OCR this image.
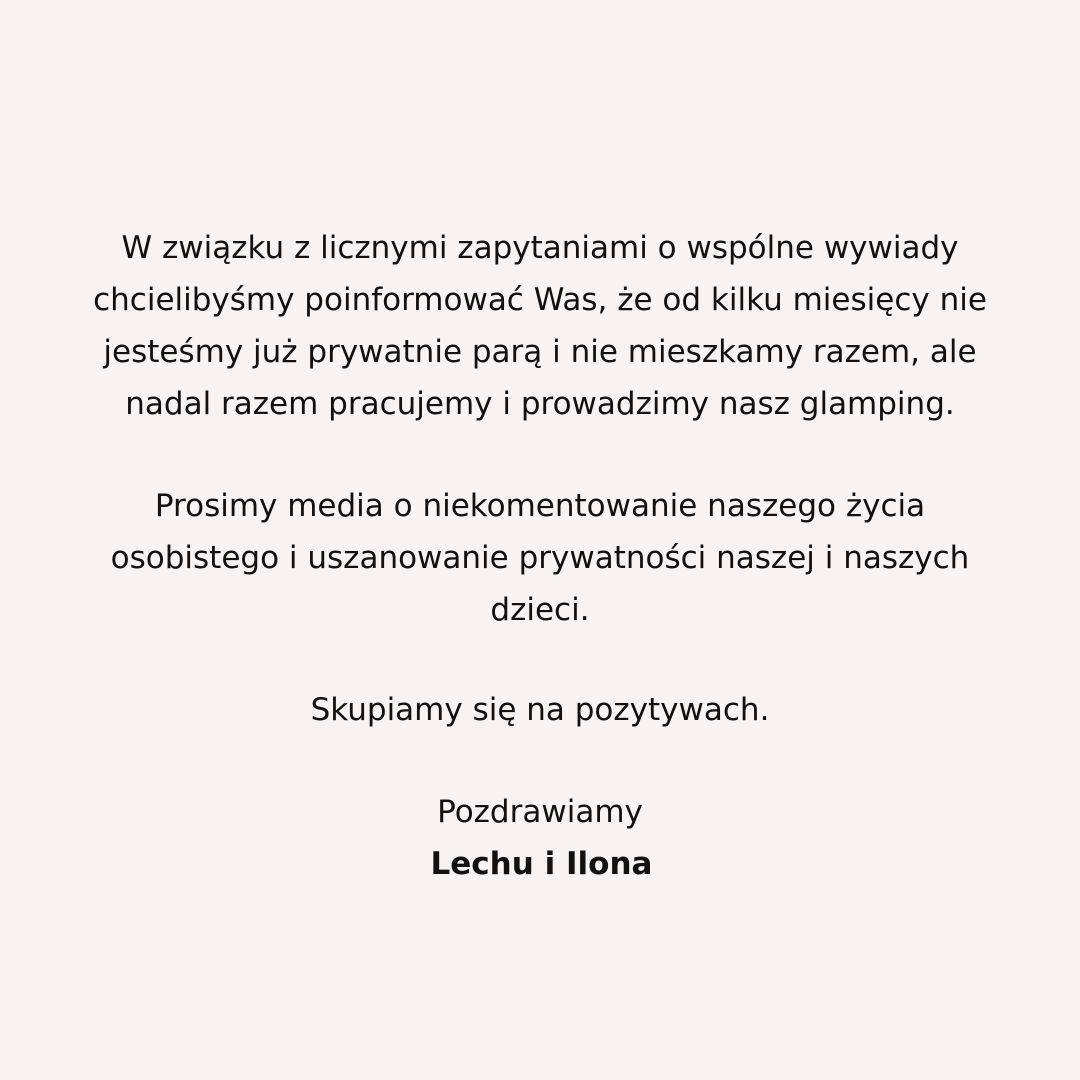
W związku z licznymi zapytaniami o wspólne wywiady
chcielibyśmy poinformować Was, że od kilku miesięcy nie
jesteśmy już prywatnie parą i nie mieszkamy razem, ale
nadal razem pracujemy i prowadzimy nasz glamping.
Prosimy media o niekomentowanie naszego życia
osobistego i uszanowanie prywatności naszej i naszych
dzieci.
Skupiamy się na pozytywach.
Pozdrawiamy
Lechu i Ilona
